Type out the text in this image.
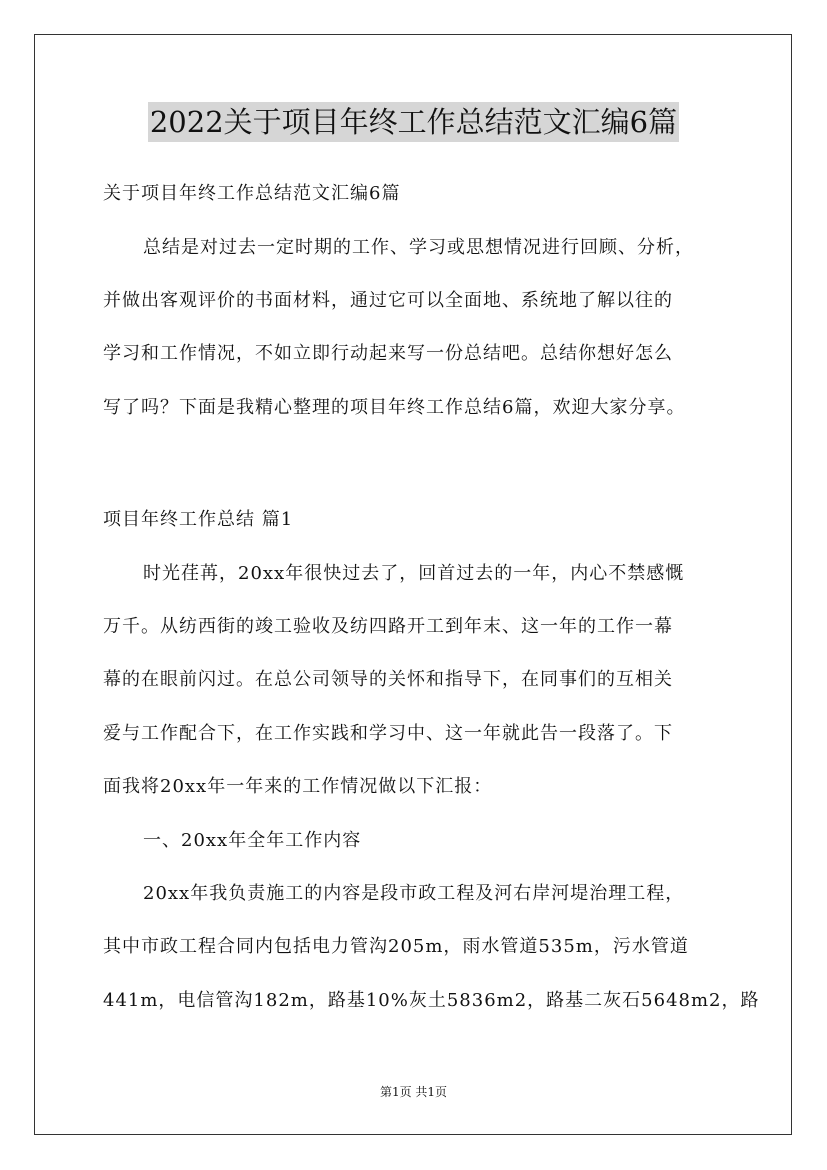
2022关于项目年终工作总结范文汇编6篇
关于项目年终工作总结范文汇编6篇
总结是对过去一定时期的工作、学习或思想情况进行回顾、分析，
并做出客观评价的书面材料，通过它可以全面地、系统地了解以往的
学习和工作情况，不如立即行动起来写一份总结吧。总结你想好怎么
写了吗？下面是我精心整理的项目年终工作总结6篇，欢迎大家分享。
项目年终工作总结 篇1
时光荏苒，20xx年很快过去了，回首过去的一年，内心不禁感慨
万千。从纺西街的竣工验收及纺四路开工到年末、这一年的工作一幕
幕的在眼前闪过。在总公司领导的关怀和指导下，在同事们的互相关
爱与工作配合下，在工作实践和学习中、这一年就此告一段落了。下
面我将20xx年一年来的工作情况做以下汇报：
一、20xx年全年工作内容
20xx年我负责施工的内容是段市政工程及河右岸河堤治理工程，
其中市政工程合同内包括电力管沟205m，雨水管道535m，污水管道
441m，电信管沟182m，路基10%灰土5836m2，路基二灰石5648m2，路
第1页 共1页
